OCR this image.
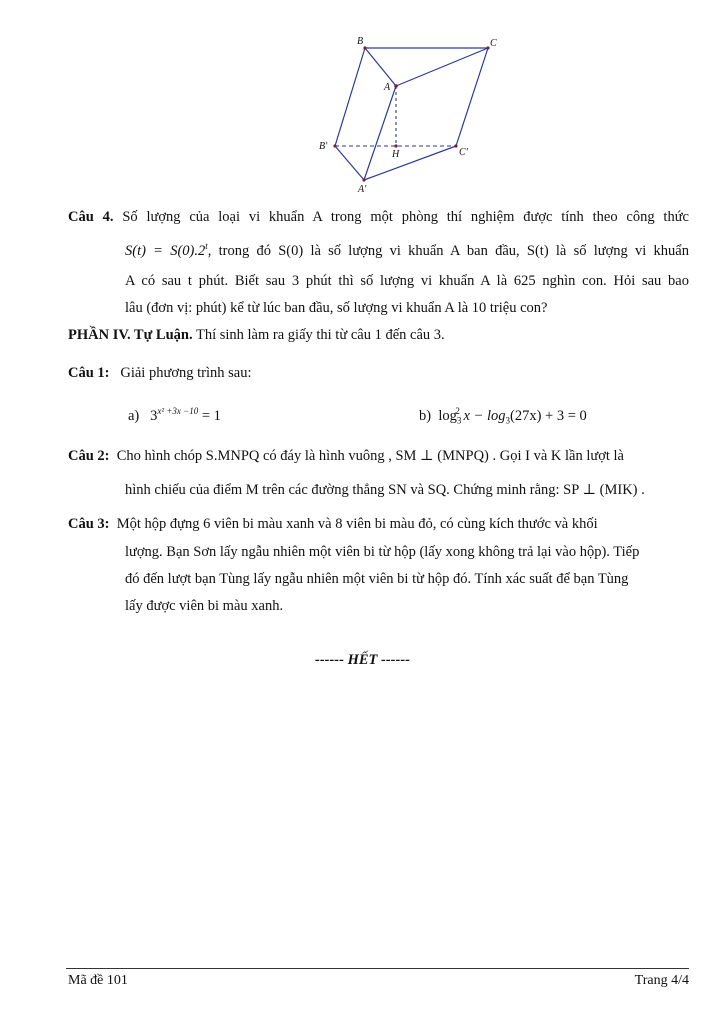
B	C
A
B'
H	C'
A'
Câu 4. Số lượng của loại vi khuẩn A trong một phòng thí nghiệm được tính theo công thức
$S(t) = S(0).2^t$, trong đó S(0) là số lượng vi khuẩn A ban đầu, S(t) là số lượng vi khuẩn
A có sau t phút. Biết sau 3 phút thì số lượng vi khuẩn A là 625 nghìn con. Hỏi sau bao
lâu (đơn vị: phút) kể từ lúc ban đầu, số lượng vi khuẩn A là 10 triệu con?
PHẦN IV. Tự Luận. Thí sinh làm ra giấy thi từ câu 1 đến câu 3.
Câu 1: Giải phương trình sau:
a) $3^{x^2 +3x -10} = 1$	b) $\log_3^2 x - \log_3(27x) + 3 = 0$
Câu 2: Cho hình chóp S.MNPQ có đáy là hình vuông , SM ⊥ (MNPQ) . Gọi I và K lần lượt là
hình chiếu của điểm M trên các đường thẳng SN và SQ. Chứng minh rằng: SP ⊥ (MIK) .
Câu 3: Một hộp đựng 6 viên bi màu xanh và 8 viên bi màu đỏ, có cùng kích thước và khối
lượng. Bạn Sơn lấy ngẫu nhiên một viên bi từ hộp (lấy xong không trả lại vào hộp). Tiếp
đó đến lượt bạn Tùng lấy ngẫu nhiên một viên bi từ hộp đó. Tính xác suất để bạn Tùng
lấy được viên bi màu xanh.
------ HẾT ------
Mã đề 101	Trang 4/4
